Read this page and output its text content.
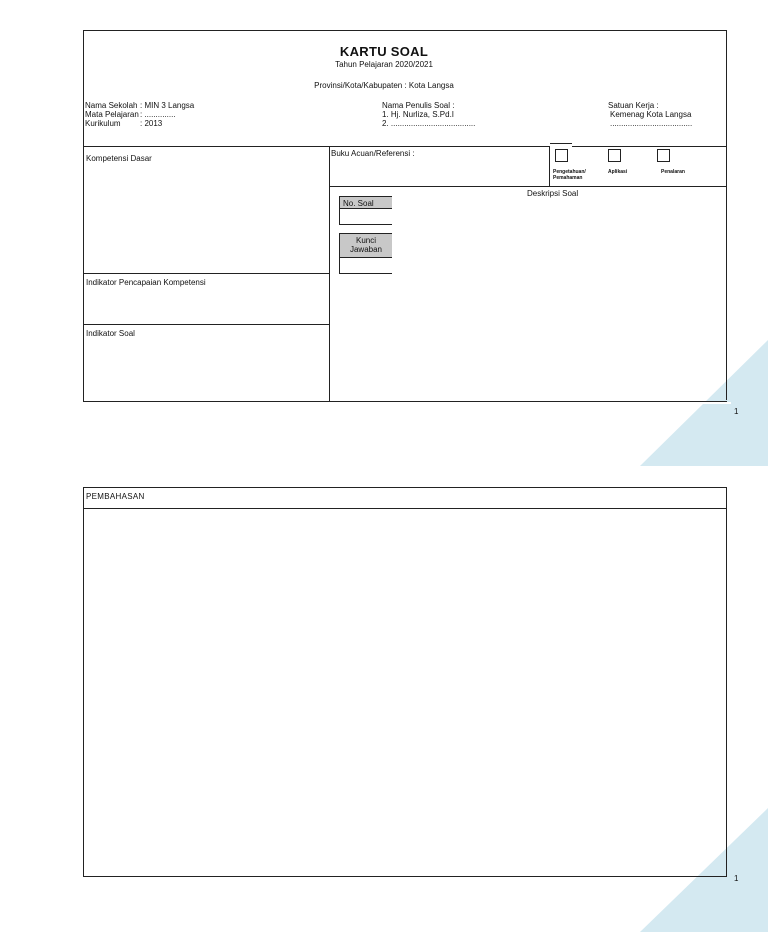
KARTU SOAL
Tahun Pelajaran 2020/2021
Provinsi/Kota/Kabupaten : Kota Langsa
Nama Sekolah : MIN 3 Langsa
Mata Pelajaran : ..............
Kurikulum	: 2013
Nama Penulis Soal :
1. Hj. Nurliza, S.Pd.I
2. ......................................
Satuan Kerja :
Kemenag Kota Langsa
.....................................
Kompetensi Dasar
Buku Acuan/Referensi :
Pengetahuan/ Pemahaman
Aplikasi	Penalaran
Deskripsi Soal
No. Soal
Kunci Jawaban
Indikator Pencapaian Kompetensi
Indikator Soal
1
PEMBAHASAN
1
